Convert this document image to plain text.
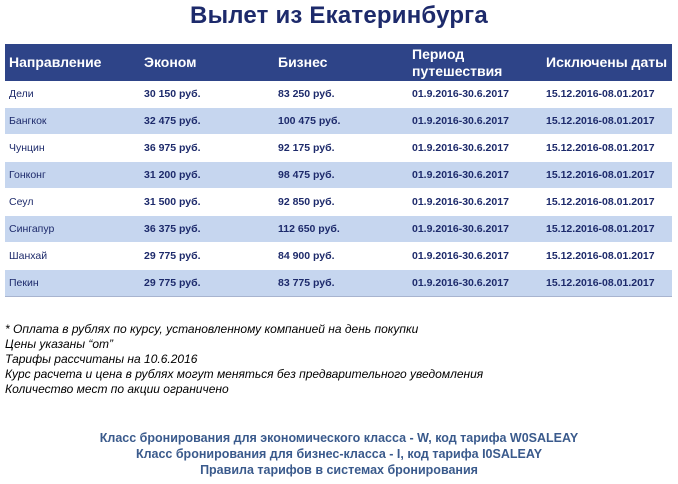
Вылет из Екатеринбурга
Направление	Эконом	Бизнес	Период путешествия	Исключены даты
Дели	30 150 руб.	83 250 руб.	01.9.2016-30.6.2017	15.12.2016-08.01.2017
Бангкок	32 475 руб.	100 475 руб.	01.9.2016-30.6.2017	15.12.2016-08.01.2017
Чунцин	36 975 руб.	92 175 руб.	01.9.2016-30.6.2017	15.12.2016-08.01.2017
Гонконг	31 200 руб.	98 475 руб.	01.9.2016-30.6.2017	15.12.2016-08.01.2017
Сеул	31 500 руб.	92 850 руб.	01.9.2016-30.6.2017	15.12.2016-08.01.2017
Сингапур	36 375 руб.	112 650 руб.	01.9.2016-30.6.2017	15.12.2016-08.01.2017
Шанхай	29 775 руб.	84 900 руб.	01.9.2016-30.6.2017	15.12.2016-08.01.2017
Пекин	29 775 руб.	83 775 руб.	01.9.2016-30.6.2017	15.12.2016-08.01.2017
* Оплата в рублях по курсу, установленному компанией на день покупки
Цены указаны “от”
Тарифы рассчитаны на 10.6.2016
Курс расчета и цена в рублях могут меняться без предварительного уведомления
Количество мест по акции ограничено
Класс бронирования для экономического класса - W, код тарифа W0SALEAY
Класс бронирования для бизнес-класса - I, код тарифа I0SALEAY
Правила тарифов в системах бронирования
